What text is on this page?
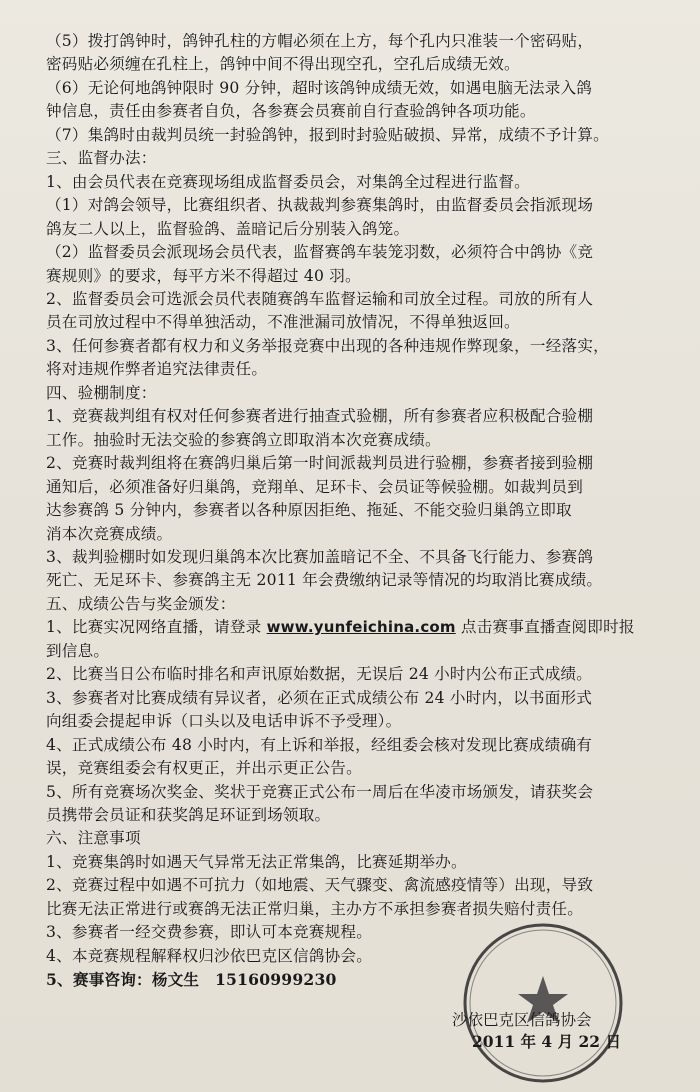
（5）拨打鸽钟时，鸽钟孔柱的方帽必须在上方，每个孔内只准装一个密码贴，
密码贴必须缠在孔柱上，鸽钟中间不得出现空孔，空孔后成绩无效。
（6）无论何地鸽钟限时 90 分钟，超时该鸽钟成绩无效，如遇电脑无法录入鸽
钟信息，责任由参赛者自负，各参赛会员赛前自行查验鸽钟各项功能。
（7）集鸽时由裁判员统一封验鸽钟，报到时封验贴破损、异常，成绩不予计算。
三、监督办法：
1、由会员代表在竞赛现场组成监督委员会，对集鸽全过程进行监督。
（1）对鸽会领导，比赛组织者、执裁裁判参赛集鸽时，由监督委员会指派现场
鸽友二人以上，监督验鸽、盖暗记后分别装入鸽笼。
（2）监督委员会派现场会员代表，监督赛鸽车装笼羽数，必须符合中鸽协《竞
赛规则》的要求，每平方米不得超过 40 羽。
2、监督委员会可选派会员代表随赛鸽车监督运输和司放全过程。司放的所有人
员在司放过程中不得单独活动，不准泄漏司放情况，不得单独返回。
3、任何参赛者都有权力和义务举报竞赛中出现的各种违规作弊现象，一经落实，
将对违规作弊者追究法律责任。
四、验棚制度：
1、竞赛裁判组有权对任何参赛者进行抽查式验棚，所有参赛者应积极配合验棚
工作。抽验时无法交验的参赛鸽立即取消本次竞赛成绩。
2、竞赛时裁判组将在赛鸽归巢后第一时间派裁判员进行验棚，参赛者接到验棚
通知后，必须准备好归巢鸽，竞翔单、足环卡、会员证等候验棚。如裁判员到
达参赛鸽 5 分钟内，参赛者以各种原因拒绝、拖延、不能交验归巢鸽立即取
消本次竞赛成绩。
3、裁判验棚时如发现归巢鸽本次比赛加盖暗记不全、不具备飞行能力、参赛鸽
死亡、无足环卡、参赛鸽主无 2011 年会费缴纳记录等情况的均取消比赛成绩。
五、成绩公告与奖金颁发：
1、比赛实况网络直播，请登录 www.yunfeichina.com 点击赛事直播查阅即时报
到信息。
2、比赛当日公布临时排名和声讯原始数据，无误后 24 小时内公布正式成绩。
3、参赛者对比赛成绩有异议者，必须在正式成绩公布 24 小时内，以书面形式
向组委会提起申诉（口头以及电话申诉不予受理）。
4、正式成绩公布 48 小时内，有上诉和举报，经组委会核对发现比赛成绩确有
误，竞赛组委会有权更正，并出示更正公告。
5、所有竞赛场次奖金、奖状于竞赛正式公布一周后在华凌市场颁发，请获奖会
员携带会员证和获奖鸽足环证到场领取。
六、注意事项
1、竞赛集鸽时如遇天气异常无法正常集鸽，比赛延期举办。
2、竞赛过程中如遇不可抗力（如地震、天气骤变、禽流感疫情等）出现，导致
比赛无法正常进行或赛鸽无法正常归巢，主办方不承担参赛者损失赔付责任。
3、参赛者一经交费参赛，即认可本竞赛规程。
4、本竞赛规程解释权归沙依巴克区信鸽协会。
5、赛事咨询：杨文生　15160999230
沙依巴克区信鸽协会
2011 年 4 月 22 日
